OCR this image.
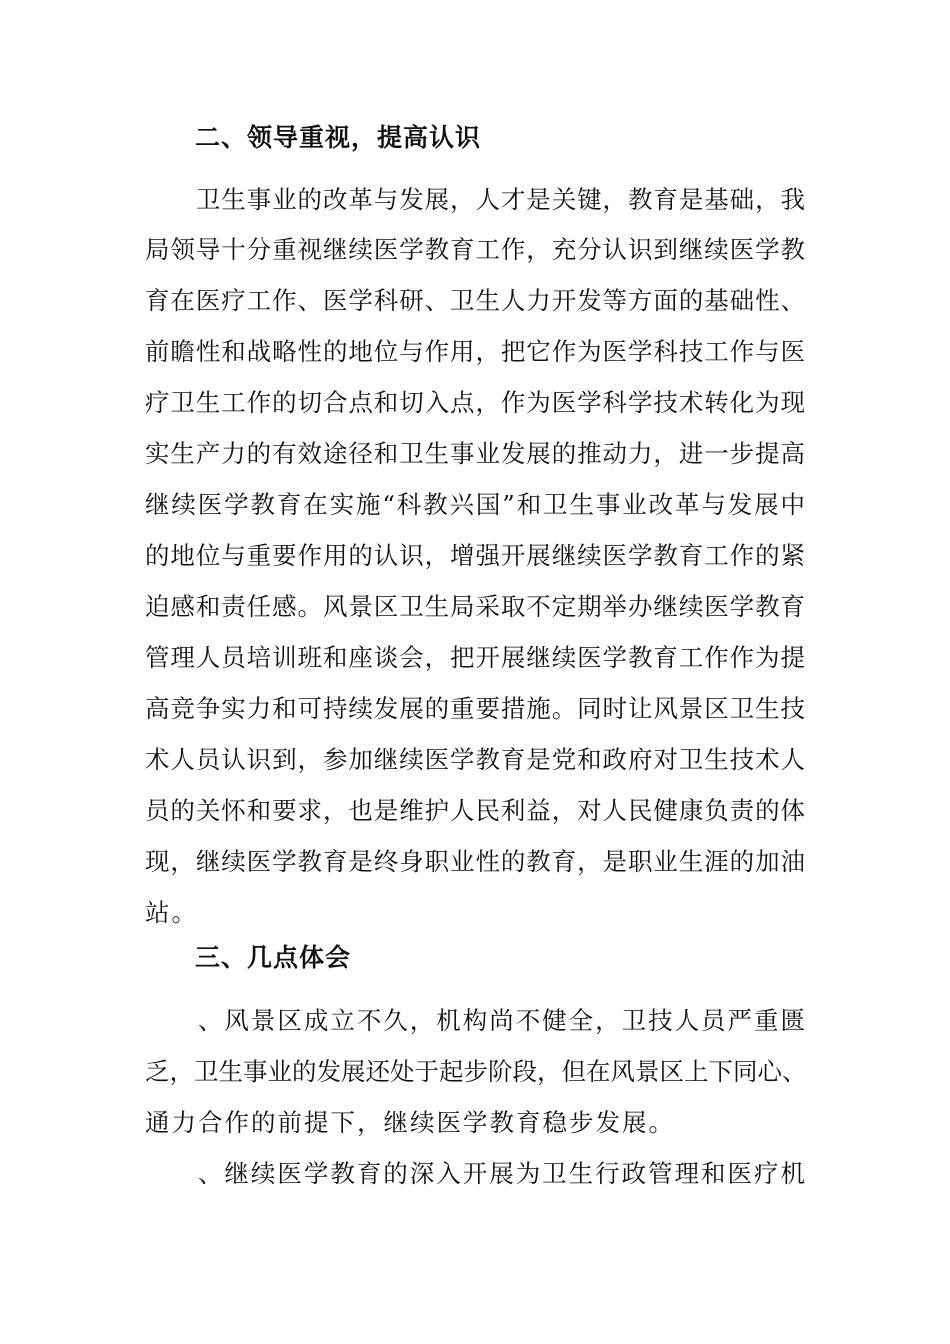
二、领导重视，提高认识
　　卫生事业的改革与发展，人才是关键，教育是基础，我
局领导十分重视继续医学教育工作，充分认识到继续医学教
育在医疗工作、医学科研、卫生人力开发等方面的基础性、
前瞻性和战略性的地位与作用，把它作为医学科技工作与医
疗卫生工作的切合点和切入点，作为医学科学技术转化为现
实生产力的有效途径和卫生事业发展的推动力，进一步提高
继续医学教育在实施“科教兴国”和卫生事业改革与发展中
的地位与重要作用的认识，增强开展继续医学教育工作的紧
迫感和责任感。风景区卫生局采取不定期举办继续医学教育
管理人员培训班和座谈会，把开展继续医学教育工作作为提
高竞争实力和可持续发展的重要措施。同时让风景区卫生技
术人员认识到，参加继续医学教育是党和政府对卫生技术人
员的关怀和要求，也是维护人民利益，对人民健康负责的体
现，继续医学教育是终身职业性的教育，是职业生涯的加油
站。
三、几点体会
　　、风景区成立不久，机构尚不健全，卫技人员严重匮
乏，卫生事业的发展还处于起步阶段，但在风景区上下同心、
通力合作的前提下，继续医学教育稳步发展。
　　、继续医学教育的深入开展为卫生行政管理和医疗机
